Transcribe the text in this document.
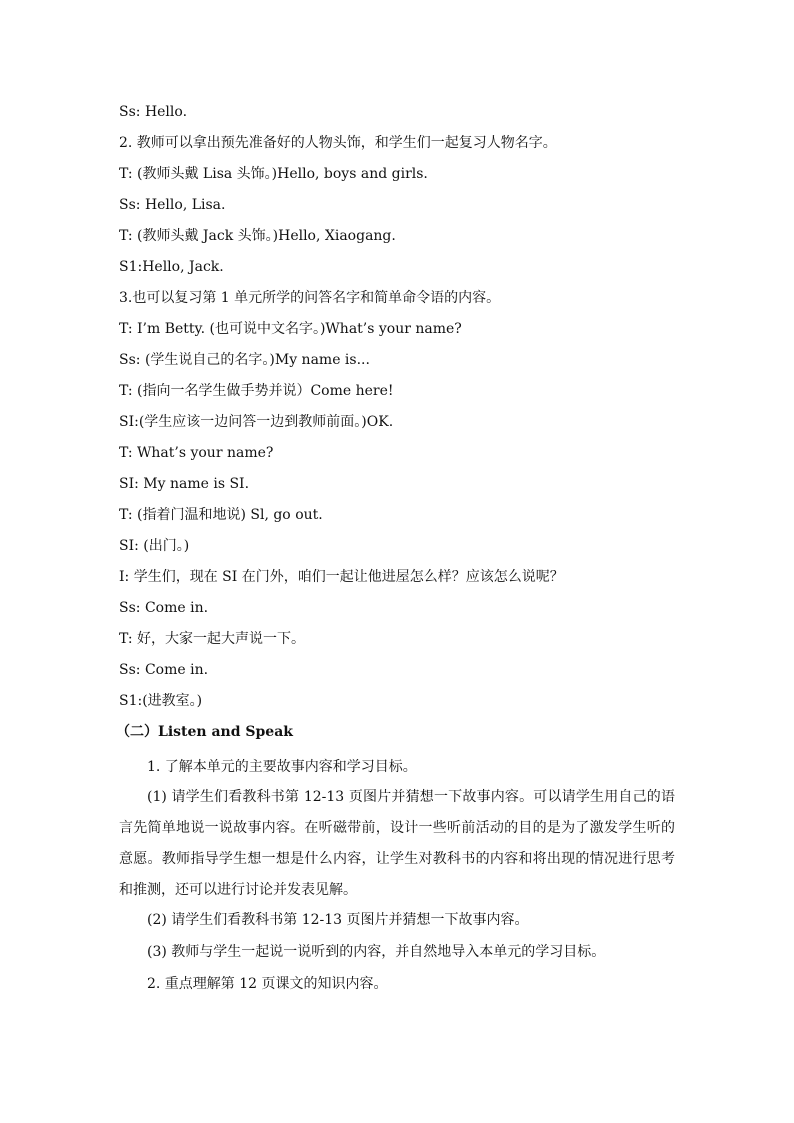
Ss: Hello.
2. 教师可以拿出预先准备好的人物头饰，和学生们一起复习人物名字。
T: (教师头戴 Lisa 头饰。)Hello, boys and girls.
Ss: Hello, Lisa.
T: (教师头戴 Jack 头饰。)Hello, Xiaogang.
S1:Hello, Jack.
3.也可以复习第 1 单元所学的问答名字和简单命令语的内容。
T: I’m Betty. (也可说中文名字。)What’s your name?
Ss: (学生说自己的名字。)My name is...
T: (指向一名学生做手势并说）Come here!
SI:(学生应该一边问答一边到教师前面。)OK.
T: What’s your name?
SI: My name is SI.
T: (指着门温和地说) Sl, go out.
SI: (出门。)
I: 学生们，现在 SI 在门外，咱们一起让他进屋怎么样？应该怎么说呢？
Ss: Come in.
T: 好，大家一起大声说一下。
Ss: Come in.
S1:(进教室。)
（二）Listen and Speak
1. 了解本单元的主要故事内容和学习目标。
(1) 请学生们看教科书第 12-13 页图片并猜想一下故事内容。可以请学生用自己的语言先简单地说一说故事内容。在听磁带前，设计一些听前活动的目的是为了激发学生听的意愿。教师指导学生想一想是什么内容，让学生对教科书的内容和将出现的情况进行思考和推测，还可以进行讨论并发表见解。
(2) 请学生们看教科书第 12-13 页图片并猜想一下故事内容。
(3) 教师与学生一起说一说听到的内容，并自然地导入本单元的学习目标。
2. 重点理解第 12 页课文的知识内容。
